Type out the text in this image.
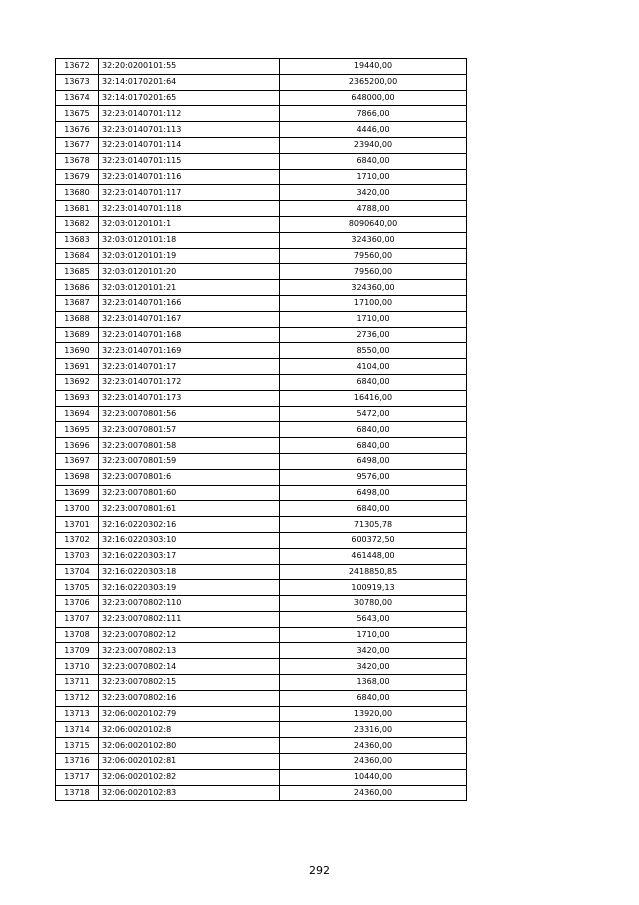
13672	32:20:0200101:55	19440,00
13673	32:14:0170201:64	2365200,00
13674	32:14:0170201:65	648000,00
13675	32:23:0140701:112	7866,00
13676	32:23:0140701:113	4446,00
13677	32:23:0140701:114	23940,00
13678	32:23:0140701:115	6840,00
13679	32:23:0140701:116	1710,00
13680	32:23:0140701:117	3420,00
13681	32:23:0140701:118	4788,00
13682	32:03:0120101:1	8090640,00
13683	32:03:0120101:18	324360,00
13684	32:03:0120101:19	79560,00
13685	32:03:0120101:20	79560,00
13686	32:03:0120101:21	324360,00
13687	32:23:0140701:166	17100,00
13688	32:23:0140701:167	1710,00
13689	32:23:0140701:168	2736,00
13690	32:23:0140701:169	8550,00
13691	32:23:0140701:17	4104,00
13692	32:23:0140701:172	6840,00
13693	32:23:0140701:173	16416,00
13694	32:23:0070801:56	5472,00
13695	32:23:0070801:57	6840,00
13696	32:23:0070801:58	6840,00
13697	32:23:0070801:59	6498,00
13698	32:23:0070801:6	9576,00
13699	32:23:0070801:60	6498,00
13700	32:23:0070801:61	6840,00
13701	32:16:0220302:16	71305,78
13702	32:16:0220303:10	600372,50
13703	32:16:0220303:17	461448,00
13704	32:16:0220303:18	2418850,85
13705	32:16:0220303:19	100919,13
13706	32:23:0070802:110	30780,00
13707	32:23:0070802:111	5643,00
13708	32:23:0070802:12	1710,00
13709	32:23:0070802:13	3420,00
13710	32:23:0070802:14	3420,00
13711	32:23:0070802:15	1368,00
13712	32:23:0070802:16	6840,00
13713	32:06:0020102:79	13920,00
13714	32:06:0020102:8	23316,00
13715	32:06:0020102:80	24360,00
13716	32:06:0020102:81	24360,00
13717	32:06:0020102:82	10440,00
13718	32:06:0020102:83	24360,00
292
